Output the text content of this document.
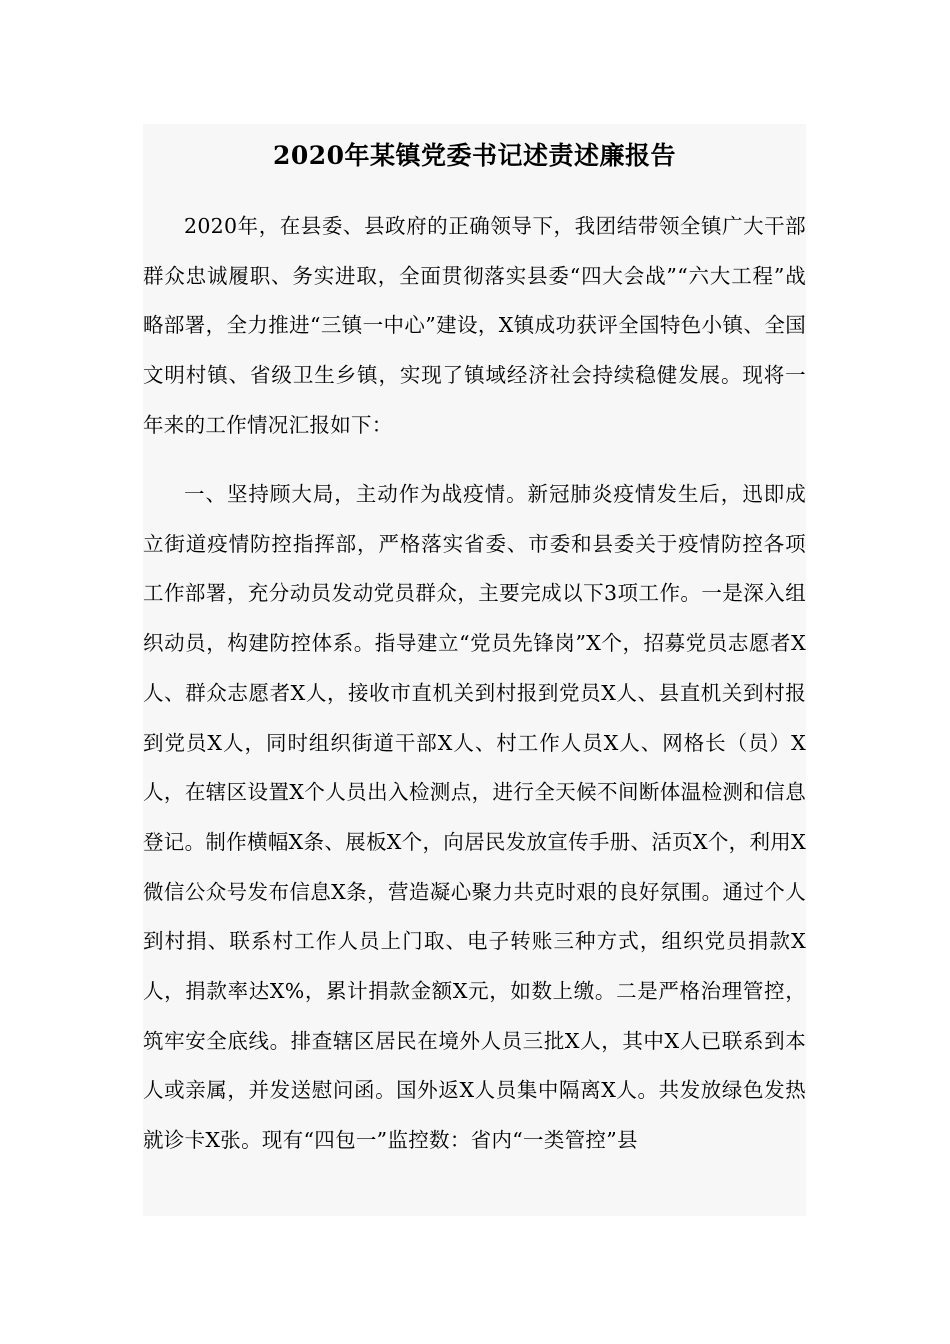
2020年某镇党委书记述责述廉报告

2020年，在县委、县政府的正确领导下，我团结带领全镇广大干部群众忠诚履职、务实进取，全面贯彻落实县委“四大会战”“六大工程”战略部署，全力推进“三镇一中心”建设，X镇成功获评全国特色小镇、全国文明村镇、省级卫生乡镇，实现了镇域经济社会持续稳健发展。现将一年来的工作情况汇报如下：

一、坚持顾大局，主动作为战疫情。新冠肺炎疫情发生后，迅即成立街道疫情防控指挥部，严格落实省委、市委和县委关于疫情防控各项工作部署，充分动员发动党员群众，主要完成以下3项工作。一是深入组织动员，构建防控体系。指导建立“党员先锋岗”X个，招募党员志愿者X人、群众志愿者X人，接收市直机关到村报到党员X人、县直机关到村报到党员X人，同时组织街道干部X人、村工作人员X人、网格长（员）X人，在辖区设置X个人员出入检测点，进行全天候不间断体温检测和信息登记。制作横幅X条、展板X个，向居民发放宣传手册、活页X个，利用X微信公众号发布信息X条，营造凝心聚力共克时艰的良好氛围。通过个人到村捐、联系村工作人员上门取、电子转账三种方式，组织党员捐款X人，捐款率达X%，累计捐款金额X元，如数上缴。二是严格治理管控，筑牢安全底线。排查辖区居民在境外人员三批X人，其中X人已联系到本人或亲属，并发送慰问函。国外返X人员集中隔离X人。共发放绿色发热就诊卡X张。现有“四包一”监控数：省内“一类管控”县
